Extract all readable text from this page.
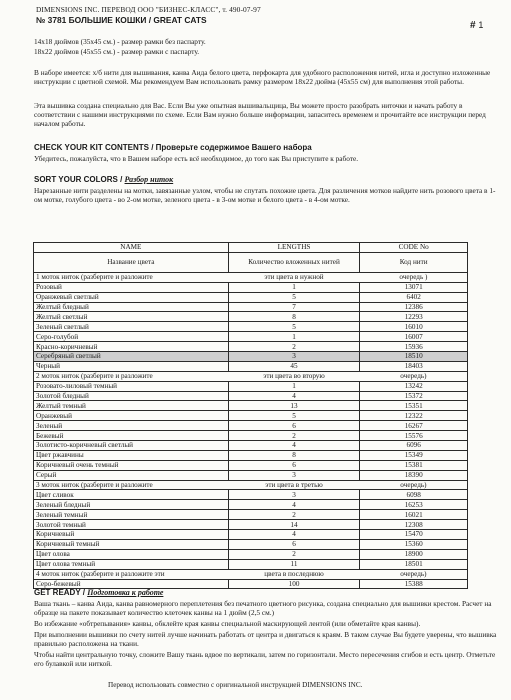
DIMENSIONS INC. ПЕРЕВОД ООО "БИЗНЕС-КЛАСС", т. 490-07-97
№ 3781 БОЛЬШИЕ КОШКИ / GREAT CATS	# 1
14х18 дюймов (35х45 см.) - размер рамки без паспарту.
18х22 дюймов (45х55 см.) - размер рамки с паспарту.
В наборе имеется: х/б нити для вышивания, канва Аида белого цвета, перфокарта для удобного расположения нитей, игла и доступно изложенные инструкции с цветной схемой. Мы рекомендуем Вам использовать рамку размером 18х22 дюйма (45х55 см) для выполнения этой работы.
Эта вышивка создана специально для Вас. Если Вы уже опытная вышивальщица, Вы можете просто разобрать ниточки и начать работу в соответствии с нашими инструкциями по схеме. Если Вам нужно больше информации, запаситесь временем и прочитайте все инструкции перед началом работы.
CHECK YOUR KIT CONTENTS / Проверьте содержимое Вашего набора
Убедитесь, пожалуйста, что в Вашем наборе есть всё необходимое, до того как Вы приступите к работе.
SORT YOUR COLORS / Разбор ниток
Нарезанные нити разделены на мотки, завязанные узлом, чтобы не спутать похожие цвета. Для различения мотков найдите нить розового цвета в 1-ом мотке, голубого цвета - во 2-ом мотке, зеленого цвета - в 3-ом мотке и белого цвета - в 4-ом мотке.
NAME	LENGTHS	CODE No
Название цвета	Количество вложенных нитей	Код нити
1 моток ниток (разберите и разложите	эти цвета в нужной	очередь )
Розовый	1	13071
Оранжевый светлый	5	6402
Желтый бледный	7	12386
Желтый светлый	8	12293
Зеленый светлый	5	16010
Серо-голубой	1	16007
Красно-коричневый	2	15936
Серебряный светлый	3	18510
Черный	45	18403
2 моток ниток (разберите и разложите	эти цвета во вторую	очередь)
Розовато-лиловый темный	1	13242
Золотой бледный	4	15372
Желтый темный	13	15351
Оранжевый	5	12322
Зеленый	6	16267
Бежевый	2	15576
Золотисто-коричневый светлый	4	6096
Цвет ржавчины	8	15349
Коричневый очень темный	6	15381
Серый	3	18390
3 моток ниток (разберите и разложите	эти цвета в третью	очередь)
Цвет сливок	3	6098
Зеленый бледный	4	16253
Зеленый темный	2	16021
Золотой темный	14	12308
Коричневый	4	15470
Коричневый темный	6	15360
Цвет олова	2	18900
Цвет олова темный	11	18501
4 моток ниток (разберите и разложите эти	цвета в последнюю	очередь)
Серо-бежевый	100	15388
GET READY / Подготовка к работе
Ваша ткань – канва Аида, канва равномерного переплетения без печатного цветного рисунка, создана специально для вышивки крестом. Расчет на образце на пакете показывает количество клеточек канвы на 1 дюйм (2,5 см.)
Во избежание «обтрепывания» канвы, обклейте края канвы специальной маскирующей лентой (или обметайте края канвы).
При выполнении вышивки по счету нитей лучше начинать работать от центра и двигаться к краям. В таком случае Вы будете уверены, что вышивка правильно расположена на ткани.
Чтобы найти центральную точку, сложите Вашу ткань вдвое по вертикали, затем по горизонтали. Место пересечения сгибов и есть центр. Отметьте его булавкой или ниткой.
Перевод использовать совместно с оригинальной инструкцией DIMENSIONS INC.
